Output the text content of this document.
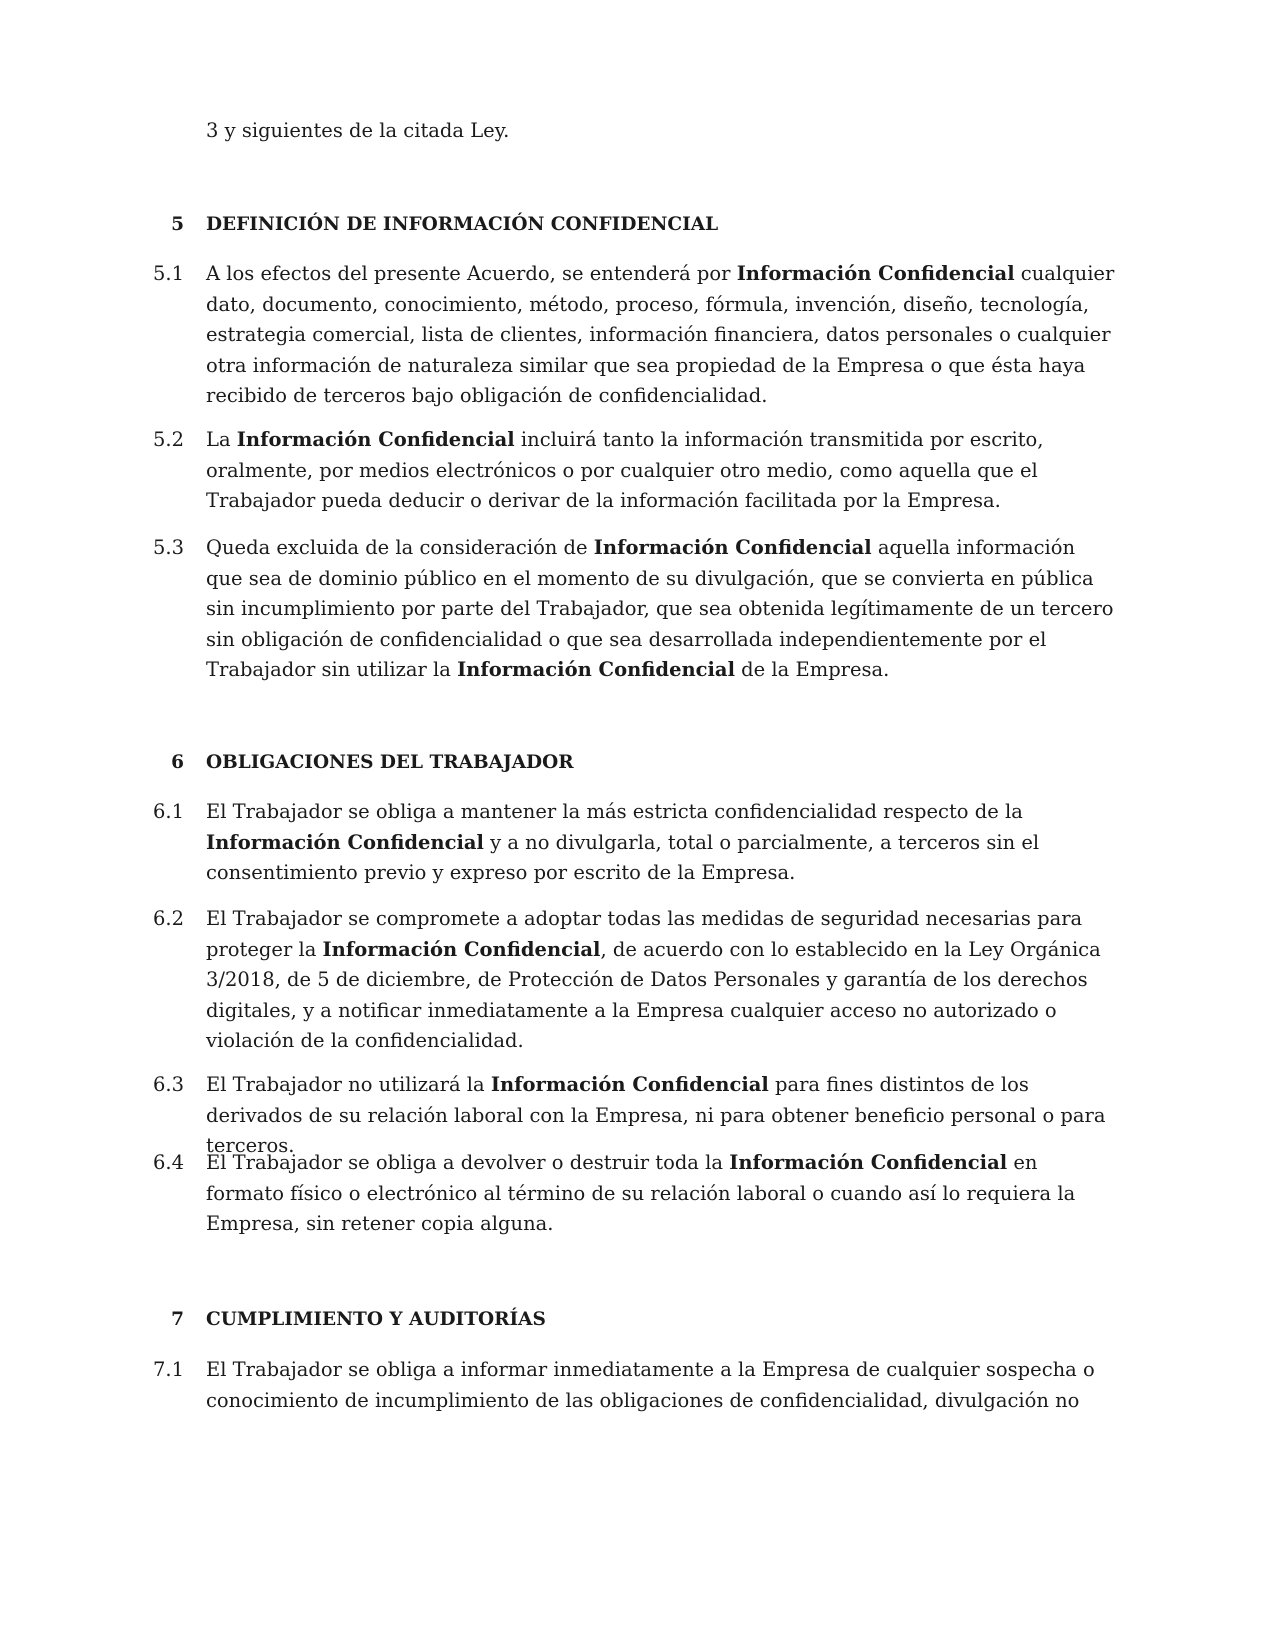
3 y siguientes de la citada Ley.
5 DEFINICIÓN DE INFORMACIÓN CONFIDENCIAL
5.1 A los efectos del presente Acuerdo, se entenderá por Información Confidencial cualquier dato, documento, conocimiento, método, proceso, fórmula, invención, diseño, tecnología, estrategia comercial, lista de clientes, información financiera, datos personales o cualquier otra información de naturaleza similar que sea propiedad de la Empresa o que ésta haya recibido de terceros bajo obligación de confidencialidad.
5.2 La Información Confidencial incluirá tanto la información transmitida por escrito, oralmente, por medios electrónicos o por cualquier otro medio, como aquella que el Trabajador pueda deducir o derivar de la información facilitada por la Empresa.
5.3 Queda excluida de la consideración de Información Confidencial aquella información que sea de dominio público en el momento de su divulgación, que se convierta en pública sin incumplimiento por parte del Trabajador, que sea obtenida legítimamente de un tercero sin obligación de confidencialidad o que sea desarrollada independientemente por el Trabajador sin utilizar la Información Confidencial de la Empresa.
6 OBLIGACIONES DEL TRABAJADOR
6.1 El Trabajador se obliga a mantener la más estricta confidencialidad respecto de la Información Confidencial y a no divulgarla, total o parcialmente, a terceros sin el consentimiento previo y expreso por escrito de la Empresa.
6.2 El Trabajador se compromete a adoptar todas las medidas de seguridad necesarias para proteger la Información Confidencial, de acuerdo con lo establecido en la Ley Orgánica 3/2018, de 5 de diciembre, de Protección de Datos Personales y garantía de los derechos digitales, y a notificar inmediatamente a la Empresa cualquier acceso no autorizado o violación de la confidencialidad.
6.3 El Trabajador no utilizará la Información Confidencial para fines distintos de los derivados de su relación laboral con la Empresa, ni para obtener beneficio personal o para terceros.
6.4 El Trabajador se obliga a devolver o destruir toda la Información Confidencial en formato físico o electrónico al término de su relación laboral o cuando así lo requiera la Empresa, sin retener copia alguna.
7 CUMPLIMIENTO Y AUDITORÍAS
7.1 El Trabajador se obliga a informar inmediatamente a la Empresa de cualquier sospecha o conocimiento de incumplimiento de las obligaciones de confidencialidad, divulgación no
